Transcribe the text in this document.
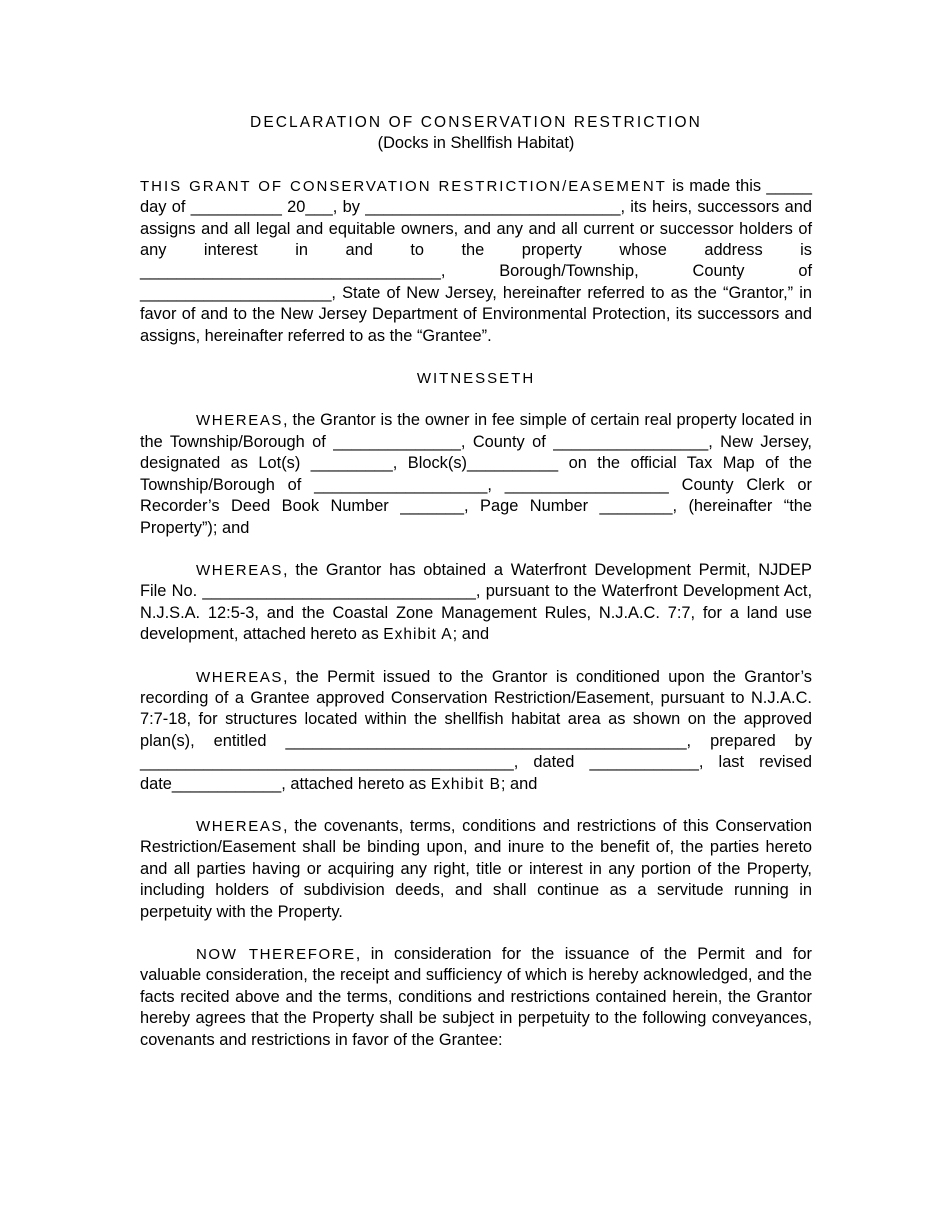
DECLARATION OF CONSERVATION RESTRICTION
(Docks in Shellfish Habitat)

THIS GRANT OF CONSERVATION RESTRICTION/EASEMENT is made this _____ day of __________ 20___, by ____________________________, its heirs, successors and assigns and all legal and equitable owners, and any and all current or successor holders of any interest in and to the property whose address is _________________________________, Borough/Township, County of _____________________, State of New Jersey, hereinafter referred to as the “Grantor,” in favor of and to the New Jersey Department of Environmental Protection, its successors and assigns, hereinafter referred to as the “Grantee”.

WITNESSETH

WHEREAS, the Grantor is the owner in fee simple of certain real property located in the Township/Borough of ______________, County of _________________, New Jersey, designated as Lot(s) _________, Block(s)__________ on the official Tax Map of the Township/Borough of ___________________, __________________ County Clerk or Recorder’s Deed Book Number _______, Page Number ________, (hereinafter “the Property”); and

WHEREAS, the Grantor has obtained a Waterfront Development Permit, NJDEP File No. ______________________________, pursuant to the Waterfront Development Act, N.J.S.A. 12:5-3, and the Coastal Zone Management Rules, N.J.A.C. 7:7, for a land use development, attached hereto as Exhibit A; and

WHEREAS, the Permit issued to the Grantor is conditioned upon the Grantor’s recording of a Grantee approved Conservation Restriction/Easement, pursuant to N.J.A.C. 7:7-18, for structures located within the shellfish habitat area as shown on the approved plan(s), entitled ____________________________________________, prepared by _________________________________________, dated ____________, last revised date____________, attached hereto as Exhibit B; and

WHEREAS, the covenants, terms, conditions and restrictions of this Conservation Restriction/Easement shall be binding upon, and inure to the benefit of, the parties hereto and all parties having or acquiring any right, title or interest in any portion of the Property, including holders of subdivision deeds, and shall continue as a servitude running in perpetuity with the Property.

NOW THEREFORE, in consideration for the issuance of the Permit and for valuable consideration, the receipt and sufficiency of which is hereby acknowledged, and the facts recited above and the terms, conditions and restrictions contained herein, the Grantor hereby agrees that the Property shall be subject in perpetuity to the following conveyances, covenants and restrictions in favor of the Grantee:
